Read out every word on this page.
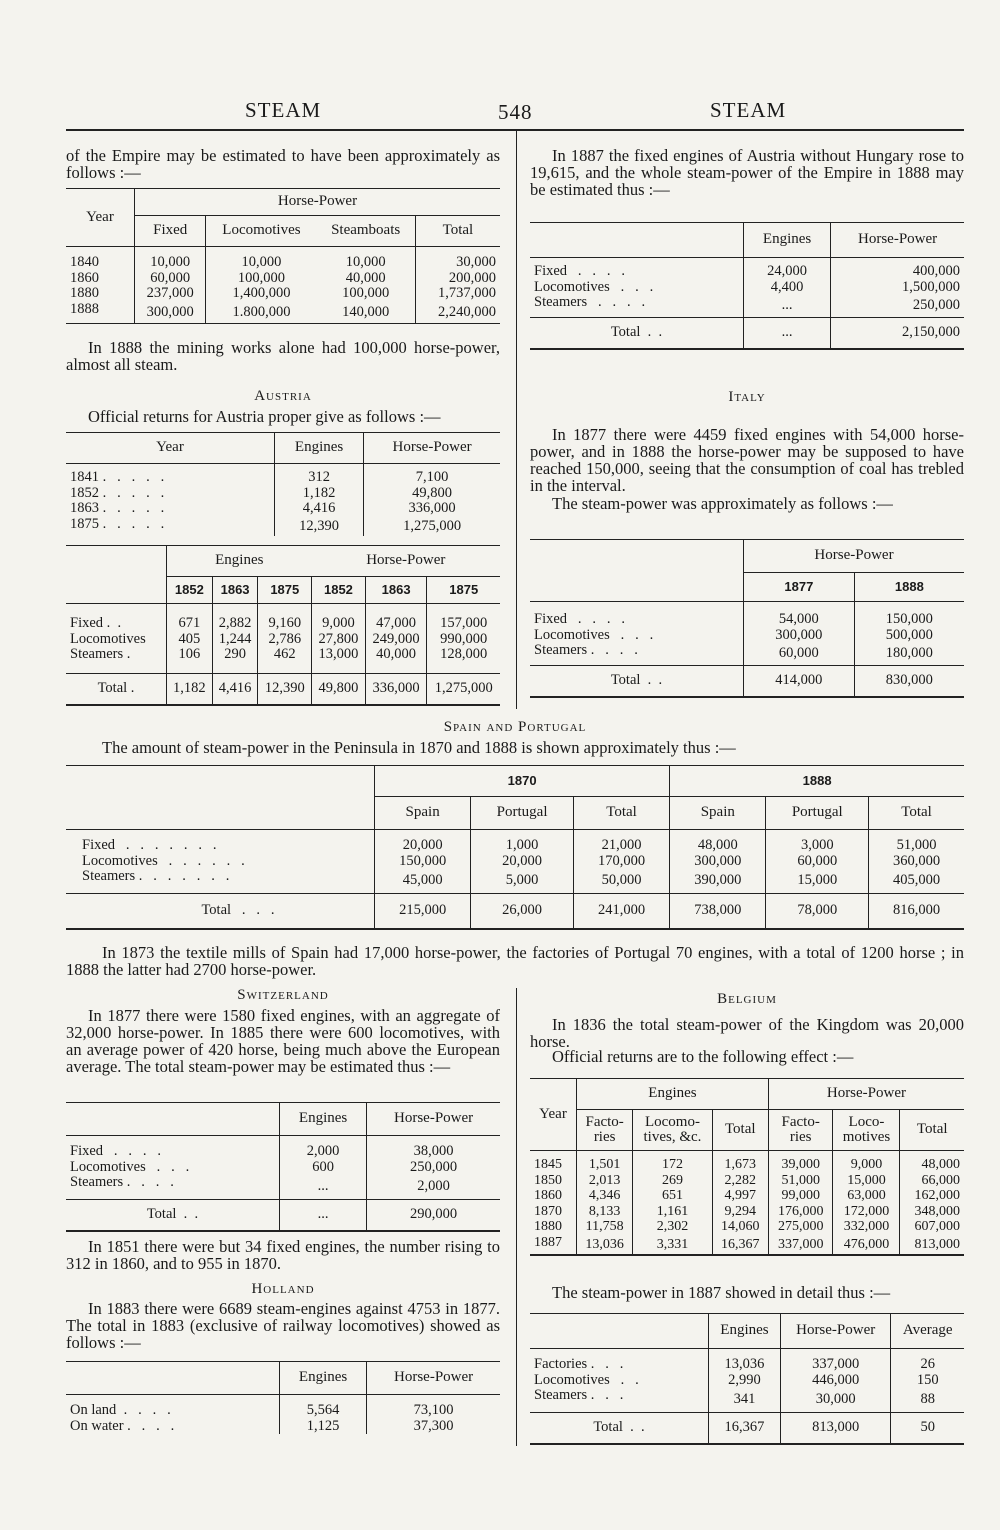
STEAM	548	STEAM
of the Empire may be estimated to have been approximately as follows :—
Year	Horse-Power			
	Fixed	Locomotives	Steamboats	Total

1840	10,000	10,000	10,000	30,000
1860	60,000	100,000	40,000	200,000
1880	237,000	1,400,000	100,000	1,737,000
1888	300,000	1.800,000	140,000	2,240,000
In 1888 the mining works alone had 100,000 horse-power, almost all steam.
Austria
Official returns for Austria proper give as follows :—
Year	Engines	Horse-Power
1841 .   .   .   .   .	312	7,100
1852 .   .   .   .   .	1,182	49,800
1863 .   .   .   .   .	4,416	336,000
1875 .   .   .   .   .	12,390	1,275,000
	Engines			Horse-Power		
	1852	1863	1875	1852	1863	1875
Fixed .  .	671	2,882	9,160	9,000	47,000	157,000
Locomotives	405	1,244	2,786	27,800	249,000	990,000
Steamers .	106	290	462	13,000	40,000	128,000
Total .	1,182	4,416	12,390	49,800	336,000	1,275,000
In 1887 the fixed engines of Austria without Hungary rose to 19,615, and the whole steam-power of the Empire in 1888 may be estimated thus :—
	Engines	Horse-Power
Fixed   .   .   .   .	24,000	400,000
Locomotives   .   .   .	4,400	1,500,000
Steamers   .   .   .   .	...	250,000
Total  .  .	...	2,150,000
Italy
In 1877 there were 4459 fixed engines with 54,000 horse-power, and in 1888 the horse-power may be supposed to have reached 150,000, seeing that the consumption of coal has trebled in the interval.
The steam-power was approximately as follows :—
	Horse-Power	
	1877	1888
Fixed   .   .   .   .	54,000	150,000
Locomotives   .   .   .	300,000	500,000
Steamers .   .   .   .	60,000	180,000
Total  .  .	414,000	830,000
Spain and Portugal
The amount of steam-power in the Peninsula in 1870 and 1888 is shown approximately thus :—
	1870			1888		
	Spain	Portugal	Total	Spain	Portugal	Total
Fixed   .   .   .   .   .   .   .	20,000	1,000	21,000	48,000	3,000	51,000
Locomotives   .   .   .   .   .   .	150,000	20,000	170,000	300,000	60,000	360,000
Steamers .   .   .   .   .   .   .	45,000	5,000	50,000	390,000	15,000	405,000
Total   .   .   .	215,000	26,000	241,000	738,000	78,000	816,000
In 1873 the textile mills of Spain had 17,000 horse-power, the factories of Portugal 70 engines, with a total of 1200 horse ; in 1888 the latter had 2700 horse-power.
Switzerland
In 1877 there were 1580 fixed engines, with an aggregate of 32,000 horse-power. In 1885 there were 600 locomotives, with an average power of 420 horse, being much above the European average. The total steam-power may be estimated thus :—
	Engines	Horse-Power
Fixed   .   .   .   .	2,000	38,000
Locomotives   .   .   .	600	250,000
Steamers .   .   .   .	...	2,000
Total  .  .	...	290,000
In 1851 there were but 34 fixed engines, the number rising to 312 in 1860, and to 955 in 1870.
Holland
In 1883 there were 6689 steam-engines against 4753 in 1877. The total in 1883 (exclusive of railway locomotives) showed as follows :—
	Engines	Horse-Power
On land  .   .   .   .	5,564	73,100
On water .   .   .   .	1,125	37,300
Belgium
In 1836 the total steam-power of the Kingdom was 20,000 horse.
Official returns are to the following effect :—
Year	Engines			Horse-Power		
	Facto-
ries	Locomo-
tives, &c.	Total	Facto-
ries	Loco-
motives	Total
1845	1,501	172	1,673	39,000	9,000	48,000
1850	2,013	269	2,282	51,000	15,000	66,000
1860	4,346	651	4,997	99,000	63,000	162,000
1870	8,133	1,161	9,294	176,000	172,000	348,000
1880	11,758	2,302	14,060	275,000	332,000	607,000
1887	13,036	3,331	16,367	337,000	476,000	813,000
The steam-power in 1887 showed in detail thus :—
	Engines	Horse-Power	Average
Factories .   .   .	13,036	337,000	26
Locomotives   .   .	2,990	446,000	150
Steamers .   .   .	341	30,000	88
Total  .  .	16,367	813,000	50
